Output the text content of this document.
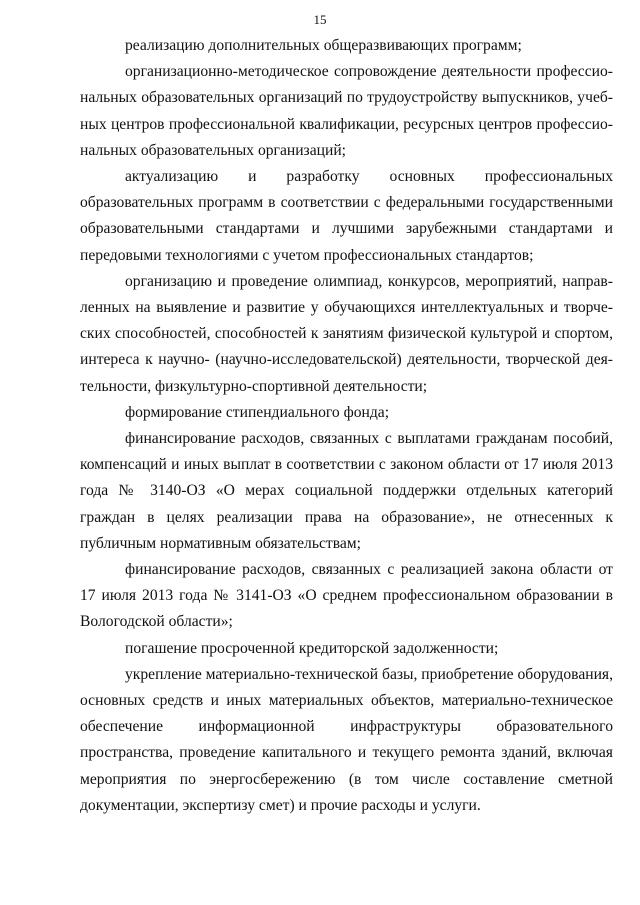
15

реализацию дополнительных общеразвивающих программ;

организационно-методическое сопровождение деятельности профессиональных образовательных организаций по трудоустройству выпускников, учебных центров профессиональной квалификации, ресурсных центров профессиональных образовательных организаций;

актуализацию и разработку основных профессиональных образовательных программ в соответствии с федеральными государственными образовательными стандартами и лучшими зарубежными стандартами и передовыми технологиями с учетом профессиональных стандартов;

организацию и проведение олимпиад, конкурсов, мероприятий, направленных на выявление и развитие у обучающихся интеллектуальных и творческих способностей, способностей к занятиям физической культурой и спортом, интереса к научно- (научно-исследовательской) деятельности, творческой деятельности, физкультурно-спортивной деятельности;

формирование стипендиального фонда;

финансирование расходов, связанных с выплатами гражданам пособий, компенсаций и иных выплат в соответствии с законом области от 17 июля 2013 года № 3140-ОЗ «О мерах социальной поддержки отдельных категорий граждан в целях реализации права на образование», не отнесенных к публичным нормативным обязательствам;

финансирование расходов, связанных с реализацией закона области от 17 июля 2013 года № 3141-ОЗ «О среднем профессиональном образовании в Вологодской области»;

погашение просроченной кредиторской задолженности;

укрепление материально-технической базы, приобретение оборудования, основных средств и иных материальных объектов, материально-техническое обеспечение информационной инфраструктуры образовательного пространства, проведение капитального и текущего ремонта зданий, включая мероприятия по энергосбережению (в том числе составление сметной документации, экспертизу смет) и прочие расходы и услуги.
